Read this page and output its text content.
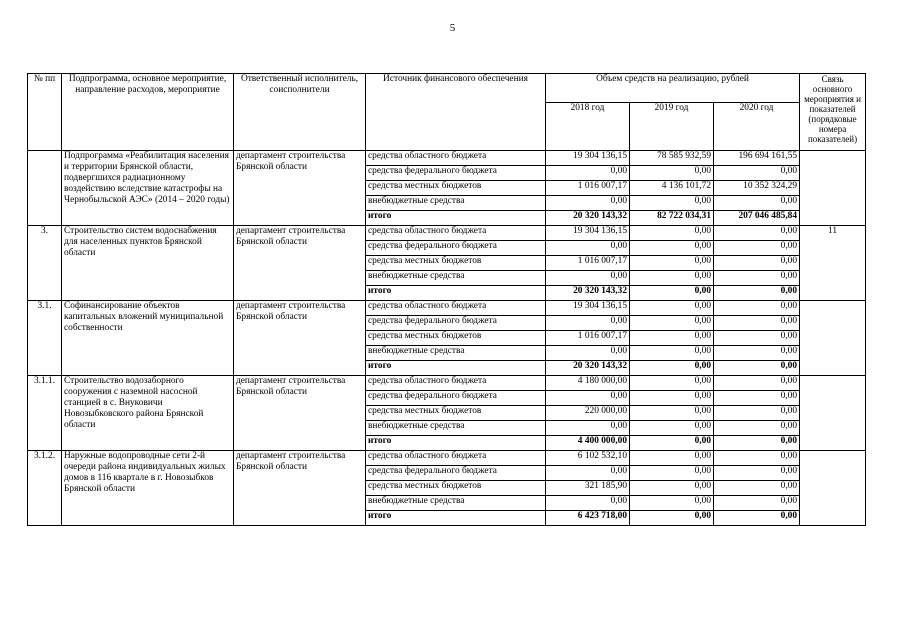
5
№ пп	Подпрограмма, основное мероприятие, направление расходов, мероприятие	Ответственный исполнитель, соисполнители	Источник финансового обеспечения	Объем средств на реализацию, рублей			Связь основного мероприятия и показателей (порядковые номера показателей)
				2018 год	2019 год	2020 год	
	Подпрограмма «Реабилитация населения и территории Брянской области, подвергшихся радиационному воздействию вследствие катастрофы на Чернобыльской АЭС» (2014 – 2020 годы)	департамент строительства Брянской области	средства областного бюджета	19 304 136,15	78 585 932,59	196 694 161,55	
			средства федерального бюджета	0,00	0,00	0,00	
			средства местных бюджетов	1 016 007,17	4 136 101,72	10 352 324,29	
			внебюджетные средства	0,00	0,00	0,00	
			итого	20 320 143,32	82 722 034,31	207 046 485,84	
3.	Строительство систем водоснабжения для населенных пунктов Брянской области	департамент строительства Брянской области	средства областного бюджета	19 304 136,15	0,00	0,00	11
			средства федерального бюджета	0,00	0,00	0,00	
			средства местных бюджетов	1 016 007,17	0,00	0,00	
			внебюджетные средства	0,00	0,00	0,00	
			итого	20 320 143,32	0,00	0,00	
3.1.	Софинансирование объектов капитальных вложений муниципальной собственности	департамент строительства Брянской области	средства областного бюджета	19 304 136,15	0,00	0,00	
			средства федерального бюджета	0,00	0,00	0,00	
			средства местных бюджетов	1 016 007,17	0,00	0,00	
			внебюджетные средства	0,00	0,00	0,00	
			итого	20 320 143,32	0,00	0,00	
3.1.1.	Строительство водозаборного сооружения с наземной насосной станцией в с. Внуковичи Новозыбковского района Брянской области	департамент строительства Брянской области	средства областного бюджета	4 180 000,00	0,00	0,00	
			средства федерального бюджета	0,00	0,00	0,00	
			средства местных бюджетов	220 000,00	0,00	0,00	
			внебюджетные средства	0,00	0,00	0,00	
			итого	4 400 000,00	0,00	0,00	
3.1.2.	Наружные водопроводные сети 2-й очереди района индивидуальных жилых домов в 116 квартале в г. Новозыбков Брянской области	департамент строительства Брянской области	средства областного бюджета	6 102 532,10	0,00	0,00	
			средства федерального бюджета	0,00	0,00	0,00	
			средства местных бюджетов	321 185,90	0,00	0,00	
			внебюджетные средства	0,00	0,00	0,00	
			итого	6 423 718,00	0,00	0,00	
